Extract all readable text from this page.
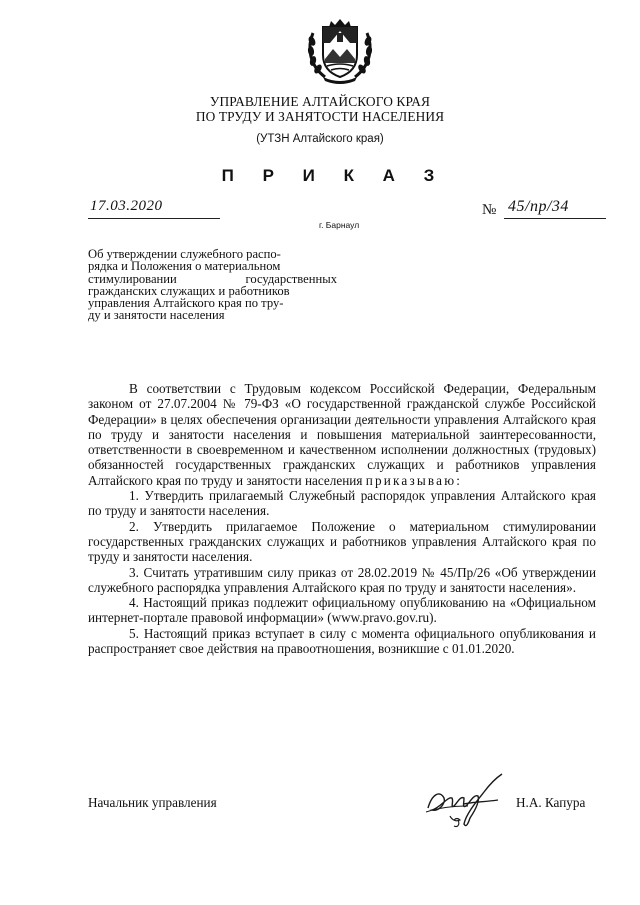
УПРАВЛЕНИЕ АЛТАЙСКОГО КРАЯ
ПО ТРУДУ И ЗАНЯТОСТИ НАСЕЛЕНИЯ
(УТЗН Алтайского края)
П Р И К А З
17.03.2020
г. Барнаул
№ 45/пр/34
Об утверждении служебного распо-
рядка и Положения о материальном
стимулировании государственных
гражданских служащих и работников
управления Алтайского края по тру-
ду и занятости населения

В соответствии с Трудовым кодексом Российской Федерации, Федеральным законом от 27.07.2004 № 79-ФЗ «О государственной гражданской службе Российской Федерации» в целях обеспечения организации деятельности управления Алтайского края по труду и занятости населения и повышения материальной заинтересованности, ответственности в своевременном и качественном исполнении должностных (трудовых) обязанностей государственных гражданских служащих и работников управления Алтайского края по труду и занятости населения приказываю:

1. Утвердить прилагаемый Служебный распорядок управления Алтайского края по труду и занятости населения.

2. Утвердить прилагаемое Положение о материальном стимулировании государственных гражданских служащих и работников управления Алтайского края по труду и занятости населения.

3. Считать утратившим силу приказ от 28.02.2019 № 45/Пр/26 «Об утверждении служебного распорядка управления Алтайского края по труду и занятости населения».

4. Настоящий приказ подлежит официальному опубликованию на «Официальном интернет-портале правовой информации» (www.pravo.gov.ru).

5. Настоящий приказ вступает в силу с момента официального опубликования и распространяет свое действия на правоотношения, возникшие с 01.01.2020.

Начальник управления	Н.А. Капура
